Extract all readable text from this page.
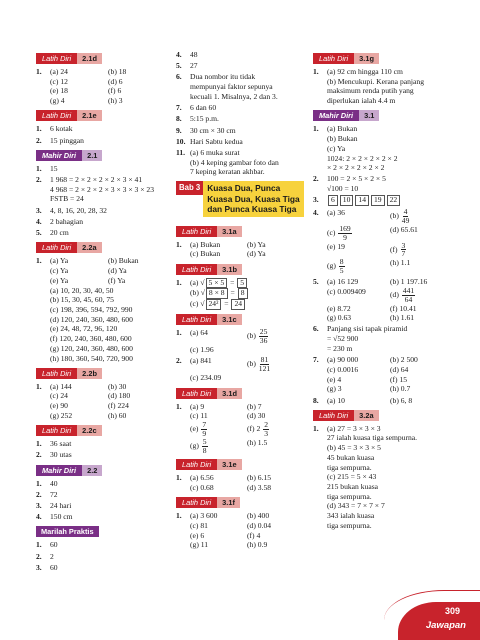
Latih Diri 2.1d
1. (a) 24	(b) 18
(c) 12	(d) 6
(e) 18	(f) 6
(g) 4	(h) 3
Latih Diri 2.1e
1. 6 kotak
2. 15 pinggan
Mahir Diri 2.1
1. 15
2. 1 968 = 2 × 2 × 2 × 2 × 3 × 41
4 968 = 2 × 2 × 2 × 3 × 3 × 3 × 23
FSTB = 24
3. 4, 8, 16, 20, 28, 32
4. 2 bahagian
5. 20 cm
Latih Diri 2.2a
1. (a) Ya	(b) Bukan
(c) Ya	(d) Ya
(e) Ya	(f) Ya
(a) 10, 20, 30, 40, 50
(b) 15, 30, 45, 60, 75
(c) 198, 396, 594, 792, 990
(d) 120, 240, 360, 480, 600
(e) 24, 48, 72, 96, 120
(f) 120, 240, 360, 480, 600
(g) 120, 240, 360, 480, 600
(h) 180, 360, 540, 720, 900
Latih Diri 2.2b
1. (a) 144	(b) 30
(c) 24	(d) 180
(e) 90	(f) 224
(g) 252	(h) 60
Latih Diri 2.2c
1. 36 saat
2. 30 utas
Mahir Diri 2.2
1. 40
2. 72
3. 24 hari
4. 150 cm
Marilah Praktis
1. 60
2. 2
3. 60
4. 48
5. 27
6. Dua nombor itu tidak
mempunyai faktor sepunya
kecuali 1. Misalnya, 2 dan 3.
7. 6 dan 60
8. 5:15 p.m.
9. 30 cm × 30 cm
10. Hari Sabtu keduа
11. (a) 6 muka surat
(b) 4 keping gambar foto dan
7 keping keratan akhbar.
Bab 3 Kuasa Dua, Punca Kuasa Dua, Kuasa Tiga dan Punca Kuasa Tiga
Latih Diri 3.1a
1. (a) Bukan	(b) Ya
(c) Bukan	(d) Ya
Latih Diri 3.1b
1. (a) √ 5 × 5 = 5
(b) √ 8 × 8 = 8
(c) √ 24² = 24
Latih Diri 3.1c
1. (a) 64	$(b) \frac{25}{36}$
(c) 1.96
2. (a) 841	$(b) \frac{81}{121}$
(c) 234.09
Latih Diri 3.1d
1. (a) 9	(b) 7
(c) 11	(d) 30
$(e) \frac{7}{9}$	(f) $2 \frac{2}{3}$
$(g) \frac{5}{8}$	(h) 1.5
Latih Diri 3.1e
1. (a) 6.56	(b) 6.15
(c) 0.68	(d) 3.58
Latih Diri 3.1f
1. (a) 3 600	(b) 400
(c) 81	(d) 0.04
(e) 6	(f) 4
(g) 11	(h) 0.9
Latih Diri 3.1g
1. (a) 92 cm hingga 110 cm
(b) Mencukupi. Kerana panjang
maksimum renda putih yang
diperlukan ialah 4.4 m
Mahir Diri 3.1
1. (a) Bukan
(b) Bukan
(c) Ya
1024: 2 × 2 × 2 × 2 × 2
× 2 × 2 × 2 × 2 × 2
2. 100 = 2 × 5 × 2 × 5
√100 = 10
3.	6 10 14 19 22
4. (a) 36	$(b) \frac{4}{49}$
$(c) \frac{169}{9}$	(d) 65.61
(e) 19	$(f) \frac{3}{7}$
$(g) \frac{8}{5}$	(h) 1.1
5. (a) 16 129	(b) 1 197.16
(c) 0.009409	$(d) \frac{441}{64}$
(e) 8.72	(f) 10.41
(g) 0.63	(h) 1.61
6. Panjang sisi tapak piramid
= √52 900
= 230 m
7. (a) 90 000	(b) 2 500
(c) 0.0016	(d) 64
(e) 4	(f) 15
(g) 3	(h) 0.7
8. (a) 10	(b) 6, 8
Latih Diri 3.2a
1. (a) 27 = 3 × 3 × 3
27 ialah kuasa tiga sempurna.
(b) 45 = 3 × 3 × 5
45 bukan kuasa
tiga sempurna.
(c) 215 = 5 × 43
215 bukan kuasa
tiga sempurna.
(d) 343 = 7 × 7 × 7
343 ialah kuasa
tiga sempurna.
309
Jawapan
